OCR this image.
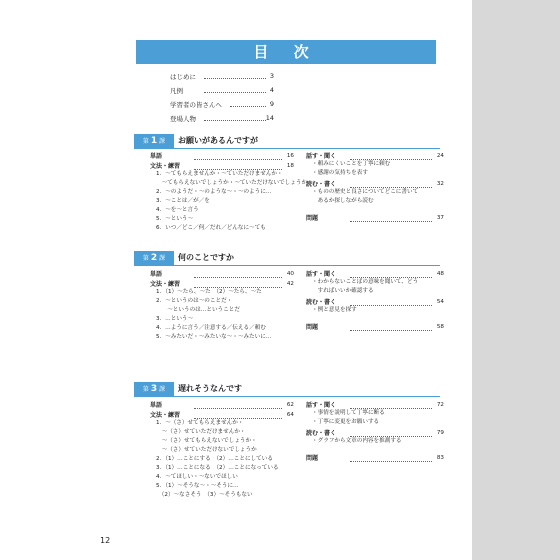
目 次
はじめに	3
凡例	4
学習者の皆さんへ	9
登場人物	14
第 1 課	お願いがあるんですが
単語	16
文法・練習	18
1．〜てもらえませんか・〜ていただけませんか・
　〜てもらえないでしょうか・〜ていただけないでしょうか
2．〜のようだ・〜のような〜・〜のように…
3．〜ことは／が／を
4．〜を〜と言う
5．〜という〜
6．いつ／どこ／何／だれ／どんなに〜ても
話す・聞く	24
・頼みにくいことを丁寧に頼む
・感謝の気持ちを表す
読む・書く	32
・ものの歴史と良さについてどこに書いて
　あるか探しながら読む
問題	37
第 2 課	何のことですか
単語	40
文法・練習	42
1．（1）〜たら、〜た　（2）〜たら、〜た
2．〜というのは〜のことだ・
　　〜というのは…ということだ
3．…という〜
4．…ように言う／注意する／伝える／頼む
5．〜みたいだ・〜みたいな〜・〜みたいに…
話す・聞く	48
・わからないことばの意味を聞いて、どう
　すればいいか確認する
読む・書く	54
・例と意見を探す
問題	58
第 3 課	遅れそうなんです
単語	62
文法・練習	64
1．〜（さ）せてもらえませんか・
　〜（さ）せていただけませんか・
　〜（さ）せてもらえないでしょうか・
　〜（さ）せていただけないでしょうか
2．（1）…ことにする　（2）…ことにしている
3．（1）…ことになる　（2）…ことになっている
4．〜てほしい・〜ないでほしい
5．（1）〜そうな〜・〜そうに…
　（2）〜なさそう　（3）〜そうもない
話す・聞く	72
・事情を説明して丁寧に断る
・丁寧に変更をお願いする
読む・書く	79
・グラフから文章の内容を推測する
問題	83
12
